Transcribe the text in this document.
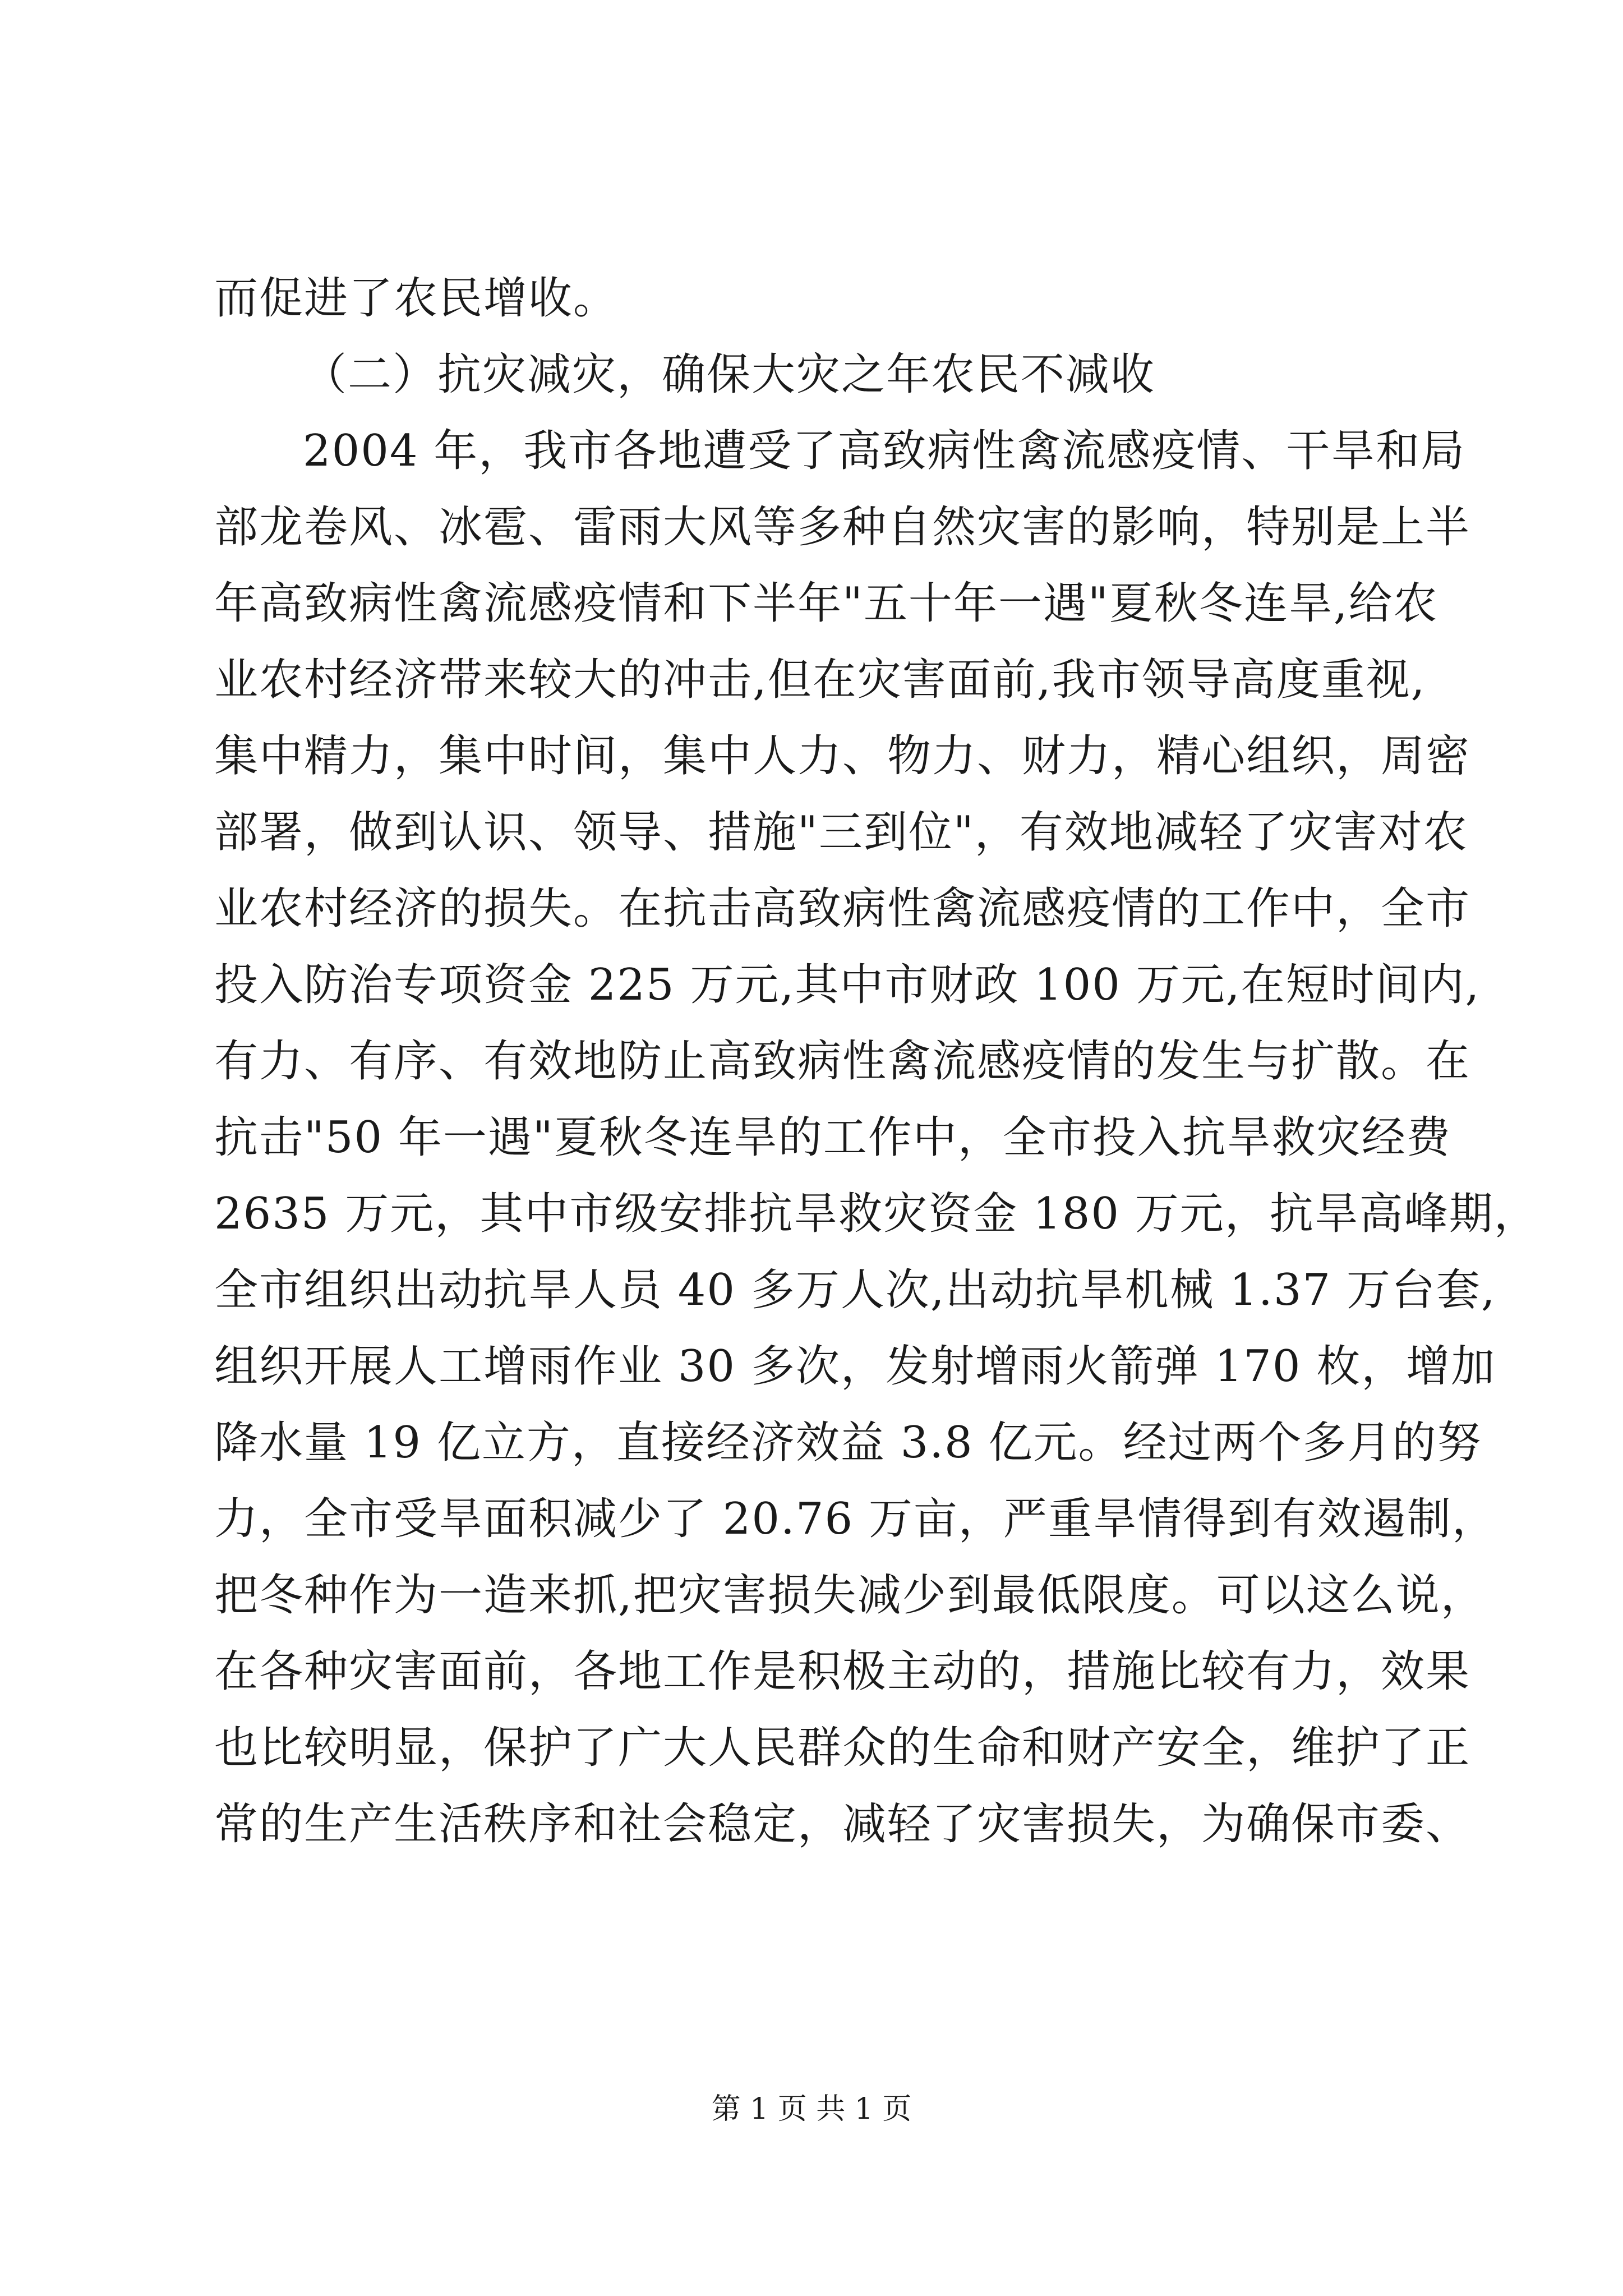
而促进了农民增收。
（二）抗灾减灾，确保大灾之年农民不减收
2004 年，我市各地遭受了高致病性禽流感疫情、干旱和局
部龙卷风、冰雹、雷雨大风等多种自然灾害的影响，特别是上半
年高致病性禽流感疫情和下半年"五十年一遇"夏秋冬连旱,给农
业农村经济带来较大的冲击,但在灾害面前,我市领导高度重视,
集中精力，集中时间，集中人力、物力、财力，精心组织，周密
部署，做到认识、领导、措施"三到位"，有效地减轻了灾害对农
业农村经济的损失。在抗击高致病性禽流感疫情的工作中，全市
投入防治专项资金 225 万元,其中市财政 100 万元,在短时间内,
有力、有序、有效地防止高致病性禽流感疫情的发生与扩散。在
抗击"50 年一遇"夏秋冬连旱的工作中，全市投入抗旱救灾经费
2635 万元，其中市级安排抗旱救灾资金 180 万元，抗旱高峰期，
全市组织出动抗旱人员 40 多万人次,出动抗旱机械 1.37 万台套,
组织开展人工增雨作业 30 多次，发射增雨火箭弹 170 枚，增加
降水量 19 亿立方，直接经济效益 3.8 亿元。经过两个多月的努
力，全市受旱面积减少了 20.76 万亩，严重旱情得到有效遏制，
把冬种作为一造来抓,把灾害损失减少到最低限度。可以这么说，
在各种灾害面前，各地工作是积极主动的，措施比较有力，效果
也比较明显，保护了广大人民群众的生命和财产安全，维护了正
常的生产生活秩序和社会稳定，减轻了灾害损失，为确保市委、
第 1 页 共 1 页
